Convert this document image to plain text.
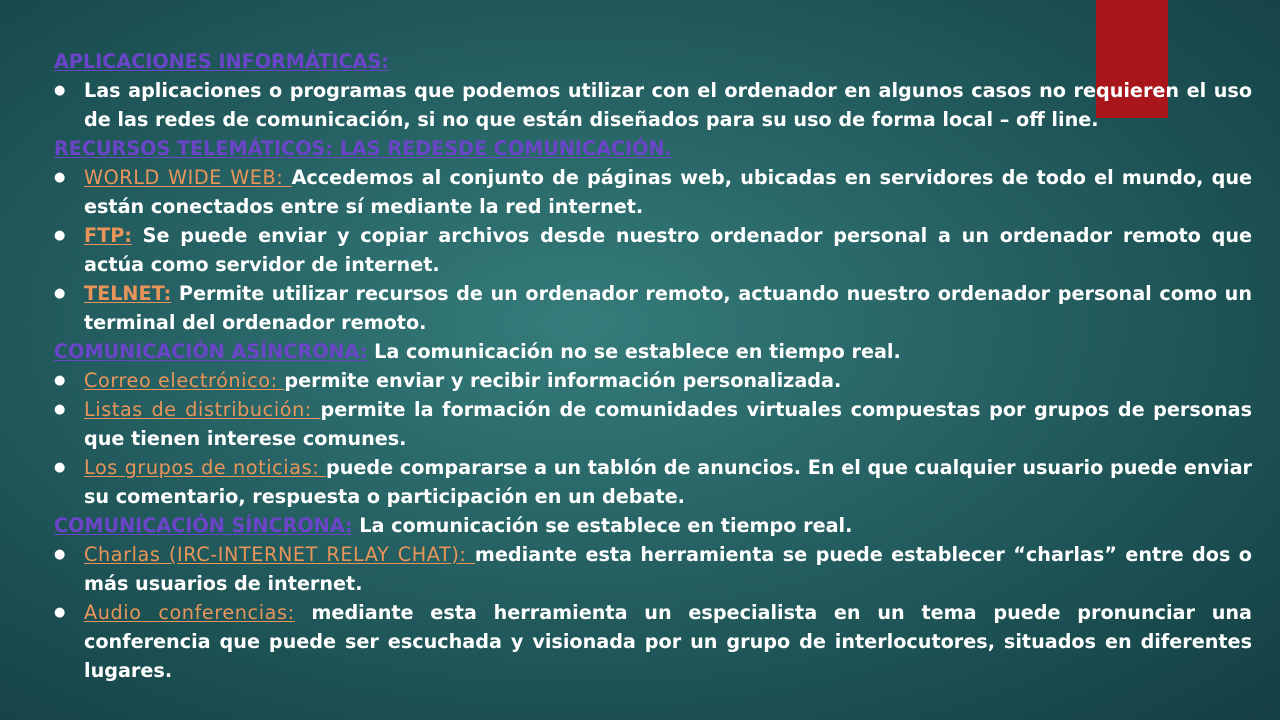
APLICACIONES INFORMÁTICAS:
● Las aplicaciones o programas que podemos utilizar con el ordenador en algunos casos no requieren el uso de las redes de comunicación, si no que están diseñados para su uso de forma local – off line.
RECURSOS TELEMÁTICOS: LAS REDESDE COMUNICACIÓN.
● WORLD WIDE WEB: Accedemos al conjunto de páginas web, ubicadas en servidores de todo el mundo, que están conectados entre sí mediante la red internet.
● FTP: Se puede enviar y copiar archivos desde nuestro ordenador personal a un ordenador remoto que actúa como servidor de internet.
● TELNET: Permite utilizar recursos de un ordenador remoto, actuando nuestro ordenador personal como un terminal del ordenador remoto.
COMUNICACIÓN ASÍNCRONA: La comunicación no se establece en tiempo real.
● Correo electrónico: permite enviar y recibir información personalizada.
● Listas de distribución: permite la formación de comunidades virtuales compuestas por grupos de personas que tienen interese comunes.
● Los grupos de noticias: puede compararse a un tablón de anuncios. En el que cualquier usuario puede enviar su comentario, respuesta o participación en un debate.
COMUNICACIÓN SÍNCRONA: La comunicación se establece en tiempo real.
● Charlas (IRC-INTERNET RELAY CHAT): mediante esta herramienta se puede establecer “charlas” entre dos o más usuarios de internet.
● Audio conferencias: mediante esta herramienta un especialista en un tema puede pronunciar una conferencia que puede ser escuchada y visionada por un grupo de interlocutores, situados en diferentes lugares.
